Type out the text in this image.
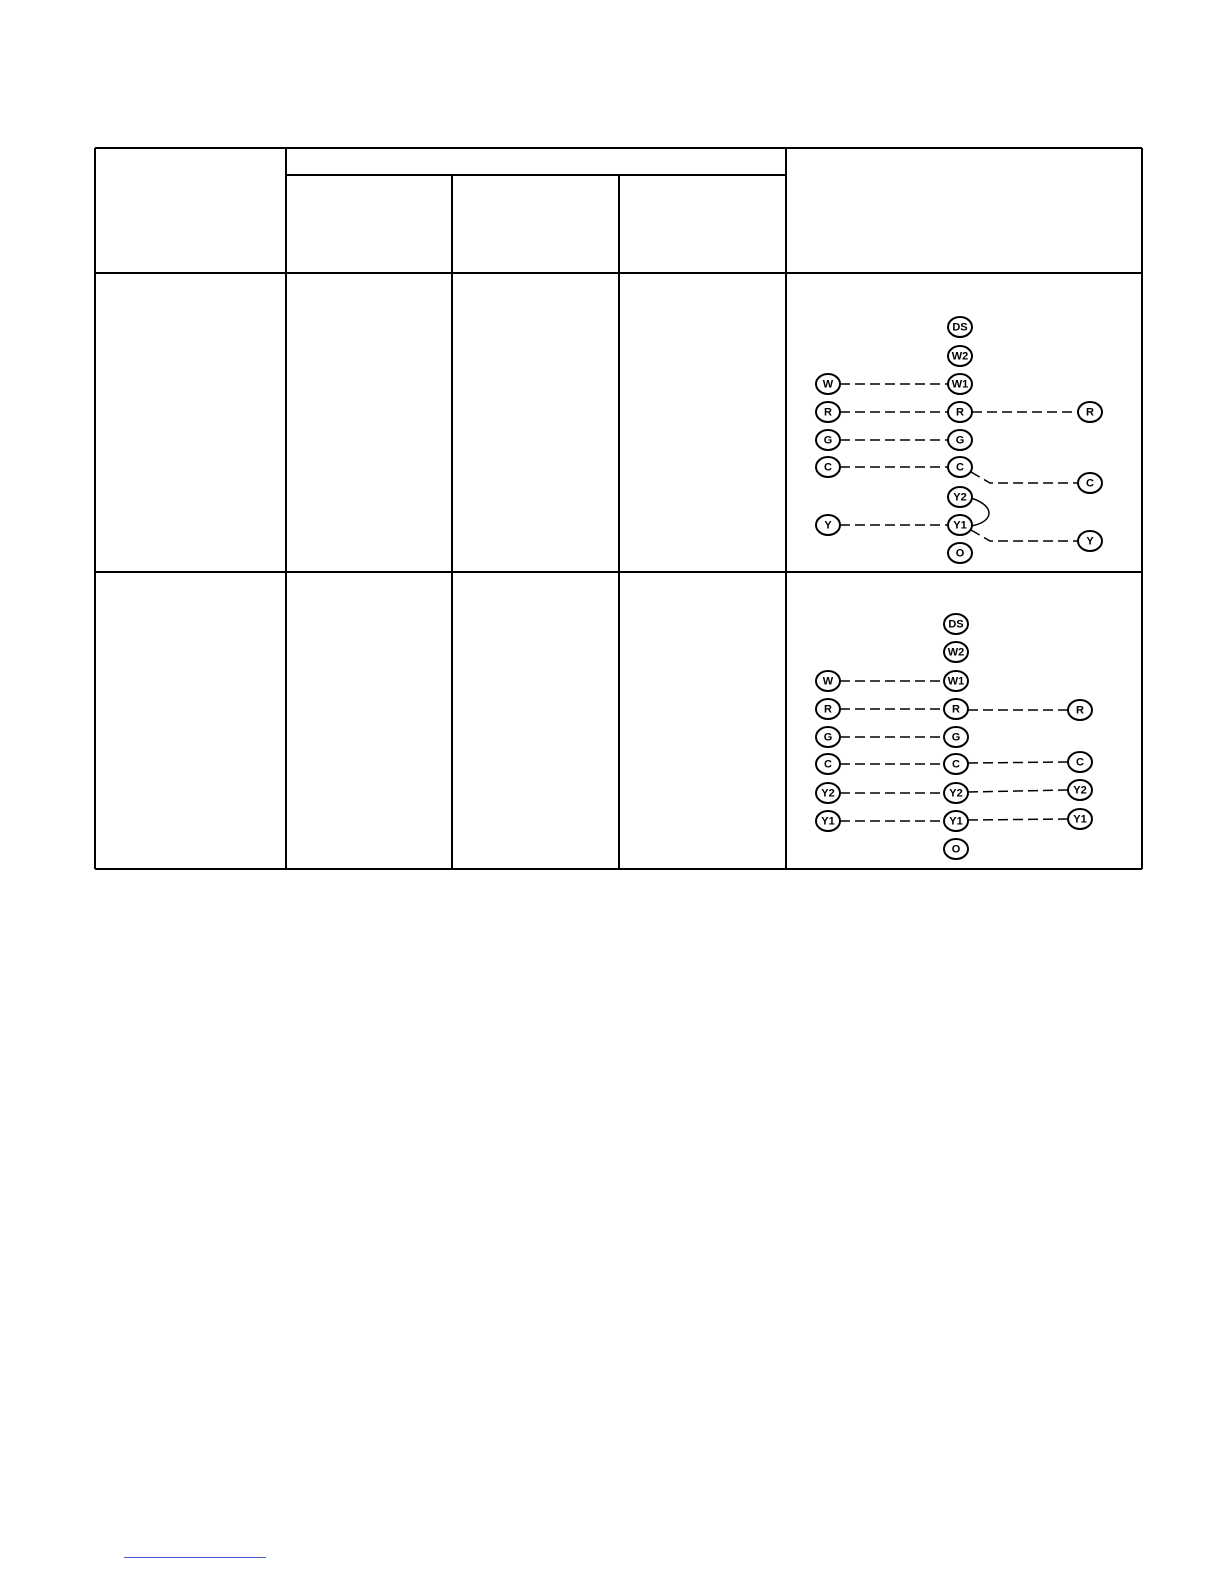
W
R
G
C
Y
DS
W2
W1
R
G
C
Y2
Y1
O
R
C
Y
W
R
G
C
Y2
Y1
DS
W2
W1
R
G
C
Y2
Y1
O
R
C
Y2
Y1
